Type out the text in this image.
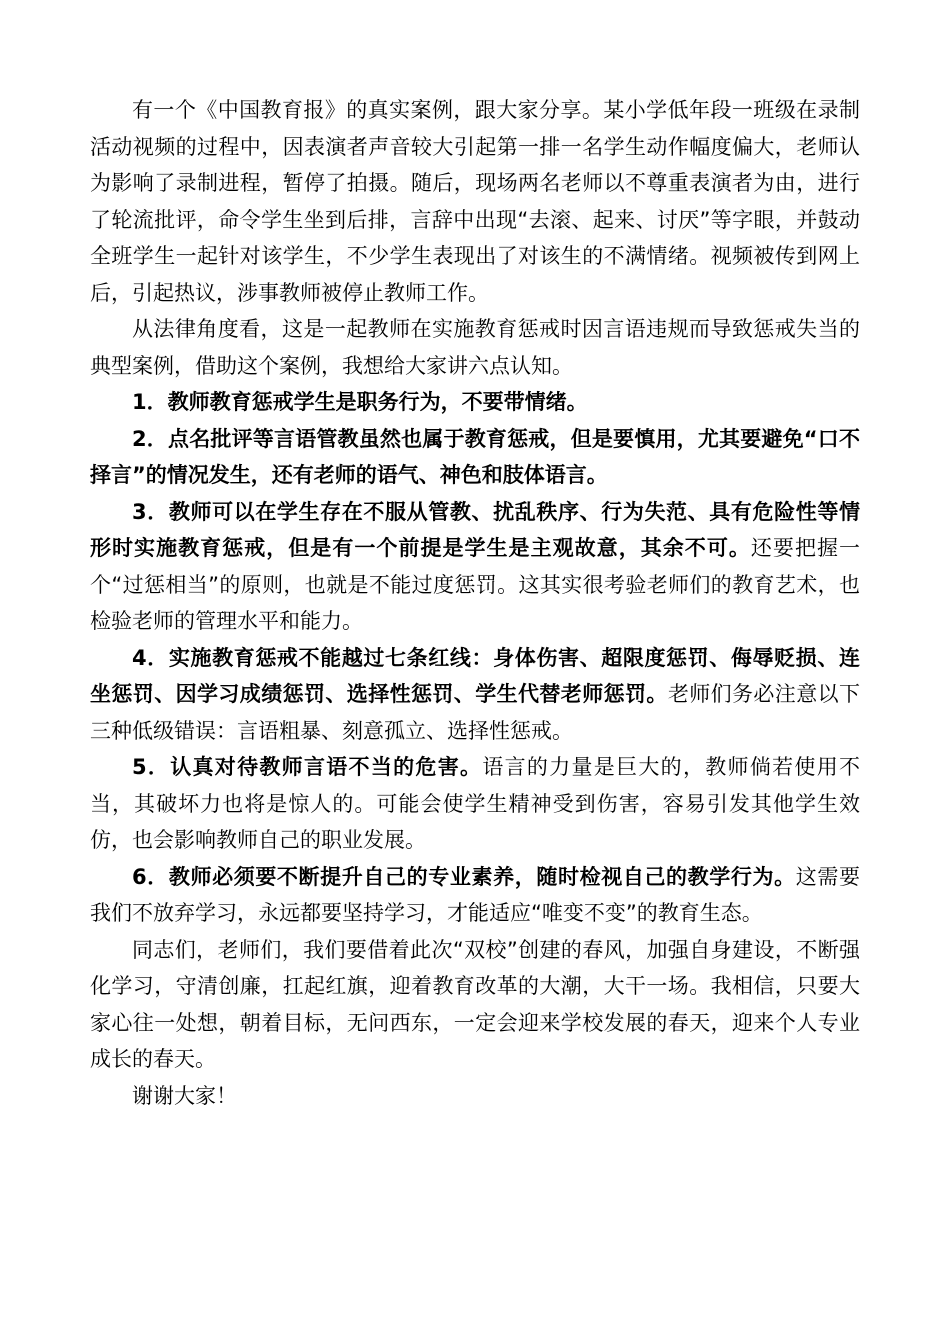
有一个《中国教育报》的真实案例，跟大家分享。某小学低年段一班级在录制活动视频的过程中，因表演者声音较大引起第一排一名学生动作幅度偏大，老师认为影响了录制进程，暂停了拍摄。随后，现场两名老师以不尊重表演者为由，进行了轮流批评，命令学生坐到后排，言辞中出现“去滚、起来、讨厌”等字眼，并鼓动全班学生一起针对该学生，不少学生表现出了对该生的不满情绪。视频被传到网上后，引起热议，涉事教师被停止教师工作。

从法律角度看，这是一起教师在实施教育惩戒时因言语违规而导致惩戒失当的典型案例，借助这个案例，我想给大家讲六点认知。

1．教师教育惩戒学生是职务行为，不要带情绪。

2．点名批评等言语管教虽然也属于教育惩戒，但是要慎用，尤其要避免“口不择言”的情况发生，还有老师的语气、神色和肢体语言。

3．教师可以在学生存在不服从管教、扰乱秩序、行为失范、具有危险性等情形时实施教育惩戒，但是有一个前提是学生是主观故意，其余不可。还要把握一个“过惩相当”的原则，也就是不能过度惩罚。这其实很考验老师们的教育艺术，也检验老师的管理水平和能力。

4．实施教育惩戒不能越过七条红线：身体伤害、超限度惩罚、侮辱贬损、连坐惩罚、因学习成绩惩罚、选择性惩罚、学生代替老师惩罚。老师们务必注意以下三种低级错误：言语粗暴、刻意孤立、选择性惩戒。

5．认真对待教师言语不当的危害。语言的力量是巨大的，教师倘若使用不当，其破坏力也将是惊人的。可能会使学生精神受到伤害，容易引发其他学生效仿，也会影响教师自己的职业发展。

6．教师必须要不断提升自己的专业素养，随时检视自己的教学行为。这需要我们不放弃学习，永远都要坚持学习，才能适应“唯变不变”的教育生态。

同志们，老师们，我们要借着此次“双校”创建的春风，加强自身建设，不断强化学习，守清创廉，扛起红旗，迎着教育改革的大潮，大干一场。我相信，只要大家心往一处想，朝着目标，无问西东，一定会迎来学校发展的春天，迎来个人专业成长的春天。

谢谢大家！
